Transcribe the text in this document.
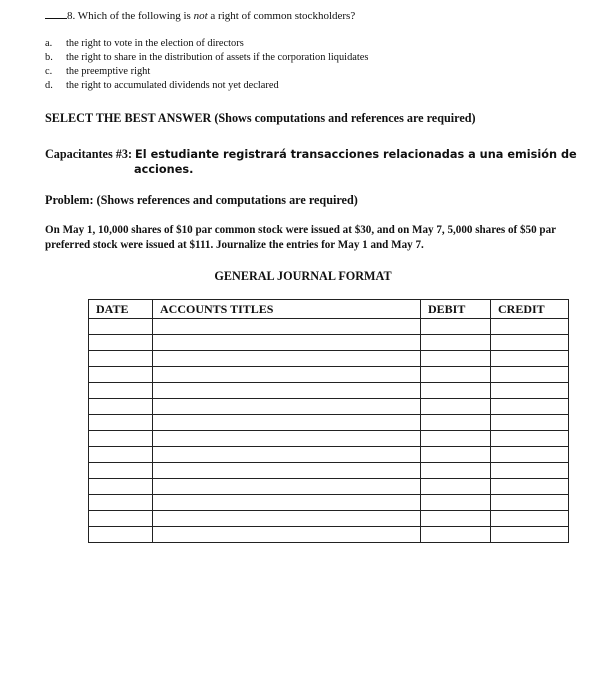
8. Which of the following is not a right of common stockholders?
a. the right to vote in the election of directors
b. the right to share in the distribution of assets if the corporation liquidates
c. the preemptive right
d. the right to accumulated dividends not yet declared
SELECT THE BEST ANSWER (Shows computations and references are required)
Capacitantes #3: El estudiante registrará transacciones relacionadas a una emisión de
acciones.
Problem: (Shows references and computations are required)
On May 1, 10,000 shares of $10 par common stock were issued at $30, and on May 7, 5,000 shares of $50 par preferred stock were issued at $111. Journalize the entries for May 1 and May 7.
GENERAL JOURNAL FORMAT
DATE	ACCOUNTS TITLES	DEBIT	CREDIT
